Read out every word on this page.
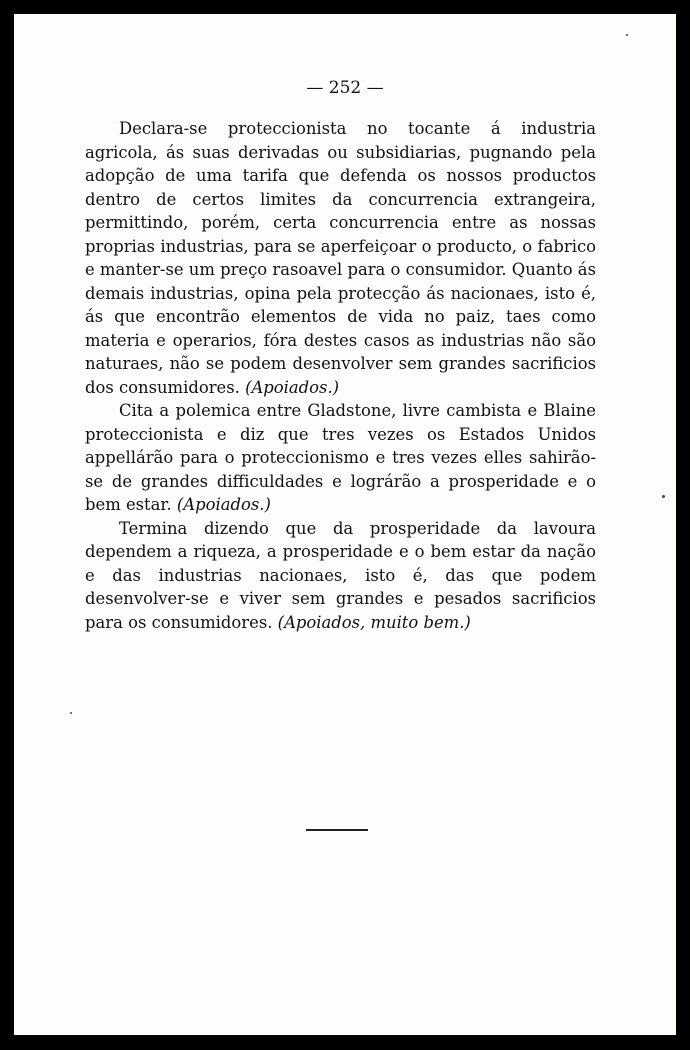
— 252 —

Declara-se proteccionista no tocante á industria agricola, ás suas derivadas ou subsidiarias, pugnando pela adopção de uma tarifa que defenda os nossos productos dentro de certos limites da concurrencia extrangeira, permittindo, porém, certa concurrencia entre as nossas proprias industrias, para se aperfeiçoar o producto, o fabrico e manter-se um preço rasoavel para o consumidor. Quanto ás demais industrias, opina pela protecção ás nacionaes, isto é, ás que encontrão elementos de vida no paiz, taes como materia e operarios, fóra destes casos as industrias não são naturaes, não se podem desenvolver sem grandes sacrificios dos consumidores. (Apoiados.)

Cita a polemica entre Gladstone, livre cambista e Blaine proteccionista e diz que tres vezes os Estados Unidos appellárão para o proteccionismo e tres vezes elles sahirão-se de grandes difficuldades e lográrão a prosperidade e o bem estar. (Apoiados.)

Termina dizendo que da prosperidade da lavoura dependem a riqueza, a prosperidade e o bem estar da nação e das industrias nacionaes, isto é, das que podem desenvolver-se e viver sem grandes e pesados sacrificios para os consumidores. (Apoiados, muito bem.)
